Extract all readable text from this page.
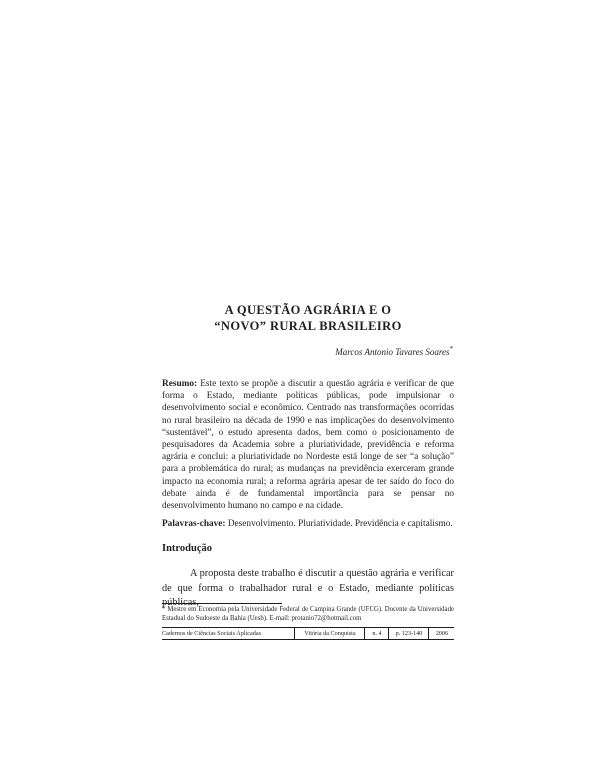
A QUESTÃO AGRÁRIA E O
“NOVO” RURAL BRASILEIRO
Marcos Antonio Tavares Soares*
Resumo: Este texto se propõe a discutir a questão agrária e verificar de que forma o Estado, mediante políticas públicas, pode impulsionar o desenvolvimento social e econômico. Centrado nas transformações ocorridas no rural brasileiro na década de 1990 e nas implicações do desenvolvimento “sustentável”, o estudo apresenta dados, bem como o posicionamento de pesquisadores da Academia sobre a pluriatividade, previdência e reforma agrária e conclui: a pluriatividade no Nordeste está longe de ser “a solução” para a problemática do rural; as mudanças na previdência exerceram grande impacto na economia rural; a reforma agrária apesar de ter saído do foco do debate ainda é de fundamental importância para se pensar no desenvolvimento humano no campo e na cidade.
Palavras-chave: Desenvolvimento. Pluriatividade. Previdência e capitalismo.
Introdução
A proposta deste trabalho é discutir a questão agrária e verificar de que forma o trabalhador rural e o Estado, mediante políticas públicas,
* Mestre em Economia pela Universidade Federal de Campina Grande (UFCG). Docente da Universidade Estadual do Sudoeste da Bahia (Uesb). E-mail: protanio72@hotmail.com
Cadernos de Ciências Sociais Aplicadas	Vitória da Conquista	n. 4	p. 123-140	2006
